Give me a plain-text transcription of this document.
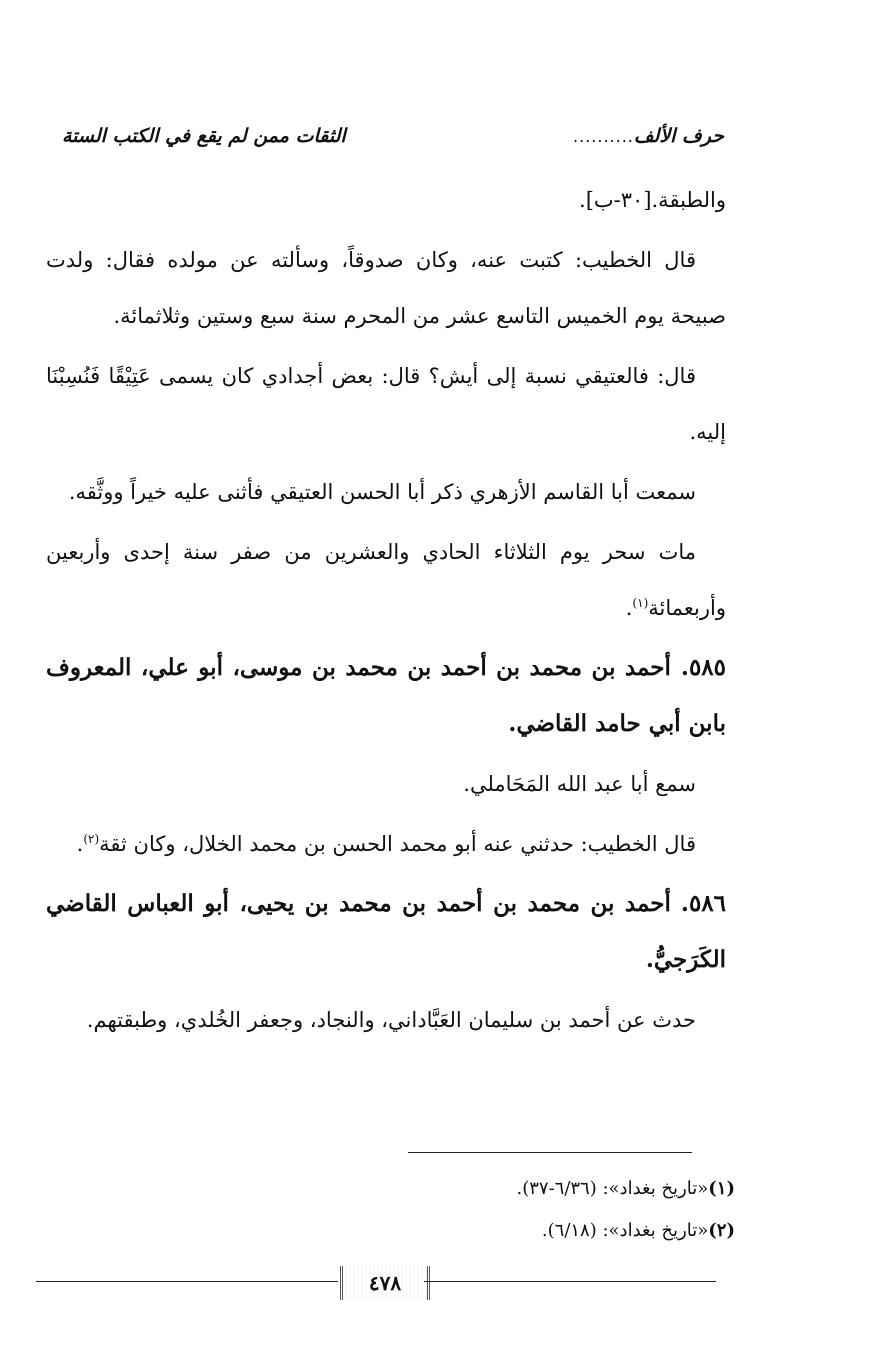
حرف الألف
..........
الثقات ممن لم يقع في الكتب الستة

والطبقة.[٣٠-ب].

قال الخطيب: كتبت عنه، وكان صدوقاً، وسألته عن مولده فقال: ولدت صبيحة يوم الخميس التاسع عشر من المحرم سنة سبع وستين وثلاثمائة.

قال: فالعتيقي نسبة إلى أيش؟ قال: بعض أجدادي كان يسمى عَتِيْقًا فَنُسِبْنَا إليه.

سمعت أبا القاسم الأزهري ذكر أبا الحسن العتيقي فأثنى عليه خيراً ووثَّقه.

مات سحر يوم الثلاثاء الحادي والعشرين من صفر سنة إحدى وأربعين وأربعمائة$^{(١)}$.

٥٨٥.أحمد بن محمد بن أحمد بن محمد بن موسى، أبو علي، المعروف بابن أبي حامد القاضي.

سمع أبا عبد الله المَحَاملي.

قال الخطيب: حدثني عنه أبو محمد الحسن بن محمد الخلال، وكان ثقة$^{(٢)}$.

٥٨٦.أحمد بن محمد بن أحمد بن محمد بن يحيى، أبو العباس القاضي الكَرَجيُّ.

حدث عن أحمد بن سليمان العَبَّاداني، والنجاد، وجعفر الخُلدي، وطبقتهم.

(١)«تاريخ بغداد»: (٦/٣٦-٣٧).

(٢)«تاريخ بغداد»: (٦/١٨).

٤٧٨
